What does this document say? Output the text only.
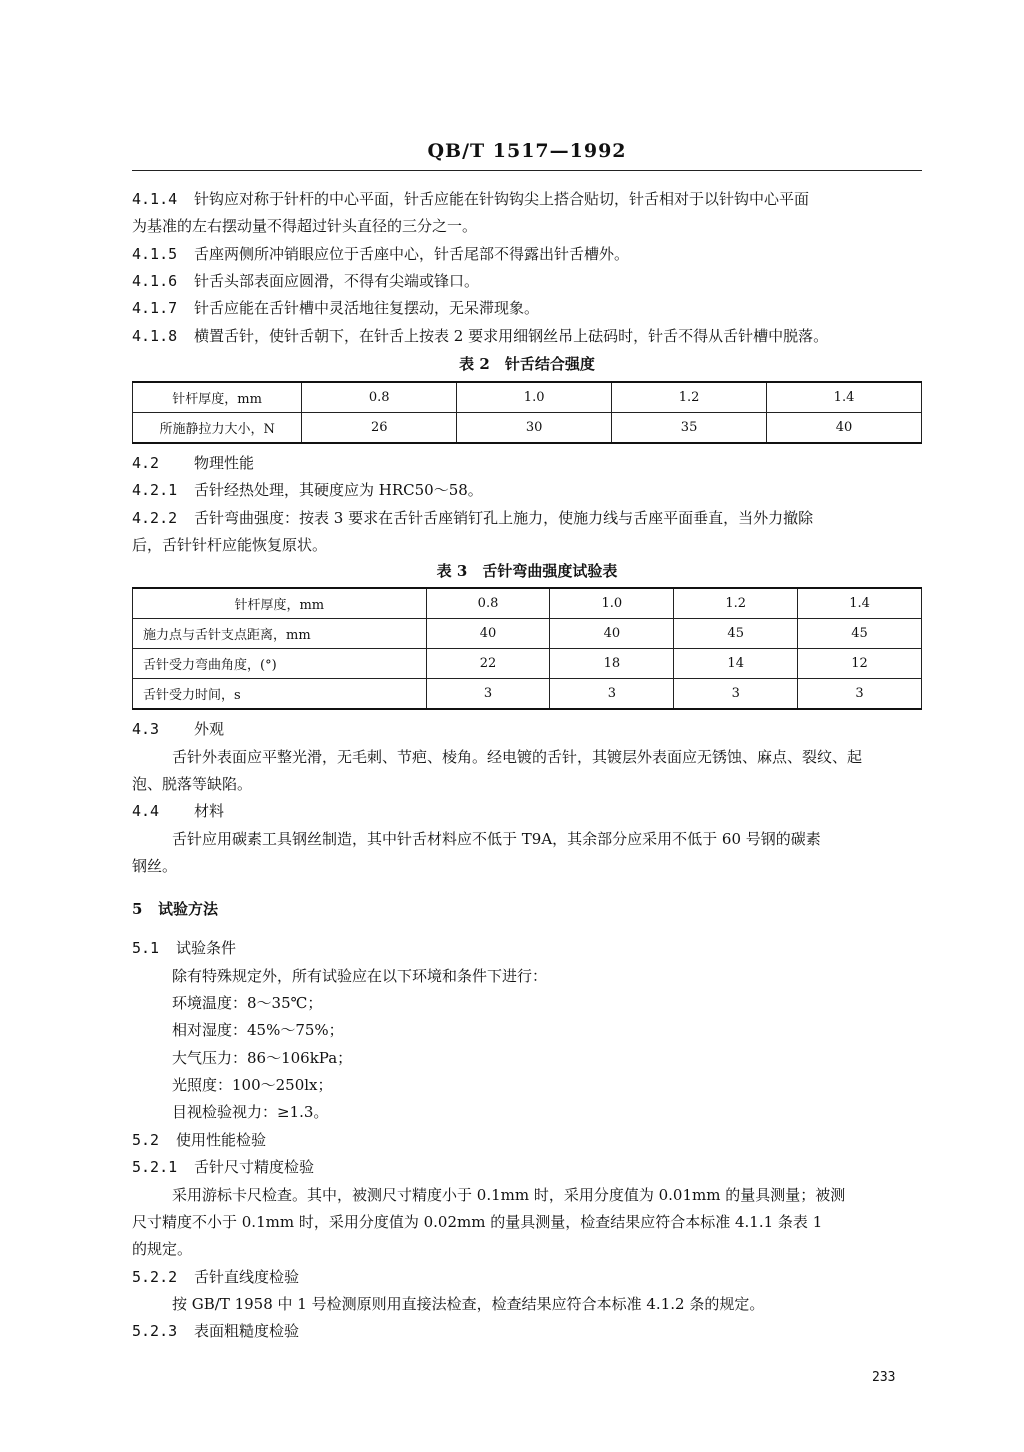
QB/T 1517—1992
4.1.4 针钩应对称于针杆的中心平面，针舌应能在针钩钩尖上搭合贴切，针舌相对于以针钩中心平面
为基准的左右摆动量不得超过针头直径的三分之一。
4.1.5 舌座两侧所冲销眼应位于舌座中心，针舌尾部不得露出针舌槽外。
4.1.6 针舌头部表面应圆滑，不得有尖端或锋口。
4.1.7 针舌应能在舌针槽中灵活地往复摆动，无呆滞现象。
4.1.8 横置舌针，使针舌朝下，在针舌上按表 2 要求用细钢丝吊上砝码时，针舌不得从舌针槽中脱落。
表 2　针舌结合强度
针杆厚度，mm	0.8	1.0	1.2	1.4
所施静拉力大小，N	26	30	35	40
4.2 物理性能
4.2.1 舌针经热处理，其硬度应为 HRC50～58。
4.2.2 舌针弯曲强度：按表 3 要求在舌针舌座销钉孔上施力，使施力线与舌座平面垂直，当外力撤除
后，舌针针杆应能恢复原状。
表 3　舌针弯曲强度试验表
针杆厚度，mm	0.8	1.0	1.2	1.4
施力点与舌针支点距离，mm	40	40	45	45
舌针受力弯曲角度，(°)	22	18	14	12
舌针受力时间，s	3	3	3	3
4.3 外观
舌针外表面应平整光滑，无毛刺、节疤、棱角。经电镀的舌针，其镀层外表面应无锈蚀、麻点、裂纹、起
泡、脱落等缺陷。
4.4 材料
舌针应用碳素工具钢丝制造，其中针舌材料应不低于 T9A，其余部分应采用不低于 60 号钢的碳素
钢丝。
5 试验方法
5.1 试验条件
除有特殊规定外，所有试验应在以下环境和条件下进行：
环境温度：8～35℃；
相对湿度：45%～75%；
大气压力：86～106kPa；
光照度：100～250lx；
目视检验视力：≥1.3。
5.2 使用性能检验
5.2.1 舌针尺寸精度检验
采用游标卡尺检查。其中，被测尺寸精度小于 0.1mm 时，采用分度值为 0.01mm 的量具测量；被测
尺寸精度不小于 0.1mm 时，采用分度值为 0.02mm 的量具测量，检查结果应符合本标准 4.1.1 条表 1
的规定。
5.2.2 舌针直线度检验
按 GB/T 1958 中 1 号检测原则用直接法检查，检查结果应符合本标准 4.1.2 条的规定。
5.2.3 表面粗糙度检验
233
